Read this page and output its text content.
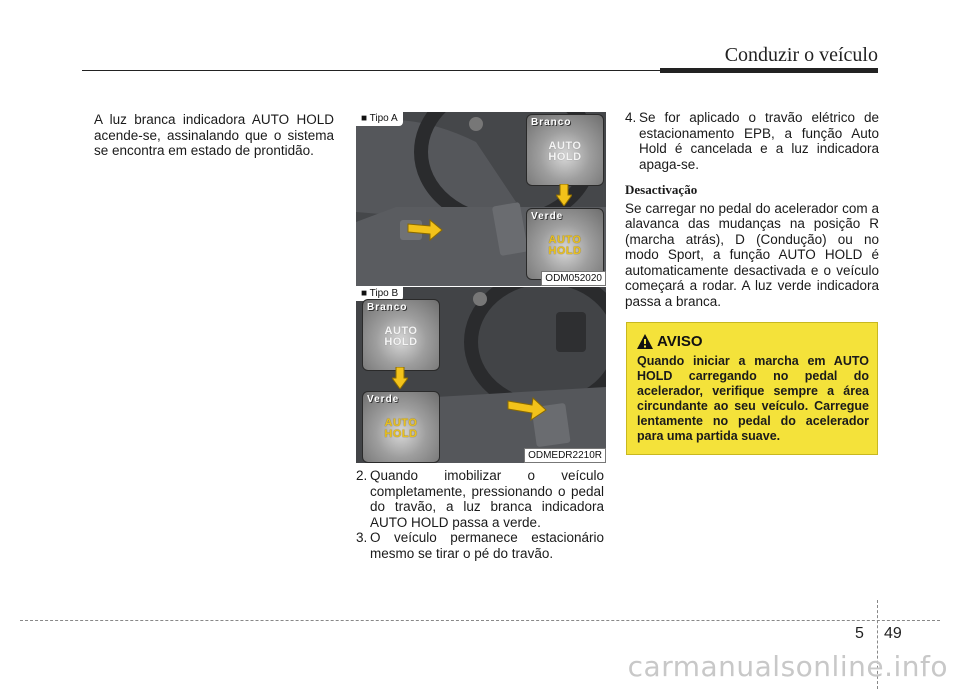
Conduzir o veículo
A luz branca indicadora AUTO HOLD acende-se, assinalando que o sistema se encontra em estado de prontidão.
■ Tipo A	Branco
AUTO
HOLD
Verde
AUTO
HOLD
ODM052020
■ Tipo B
Branco
AUTO
HOLD
Verde
AUTO
HOLD
ODMEDR2210R
2. Quando imobilizar o veículo completamente, pressionando o pedal do travão, a luz branca indicadora AUTO HOLD passa a verde.
3. O veículo permanece estacionário mesmo se tirar o pé do travão.
4. Se for aplicado o travão elétrico de estacionamento EPB, a função Auto Hold é cancelada e a luz indicadora apaga-se.
Desactivação
Se carregar no pedal do acelerador com a alavanca das mudanças na posição R (marcha atrás), D (Condução) ou no modo Sport, a função AUTO HOLD é automaticamente desactivada e o veículo começará a rodar. A luz verde indicadora passa a branca.
AVISO
Quando iniciar a marcha em AUTO HOLD carregando no pedal do acelerador, verifique sempre a área circundante ao seu veículo. Carregue lentamente no pedal do acelerador para uma partida suave.
5 49
carmanualsonline.info
